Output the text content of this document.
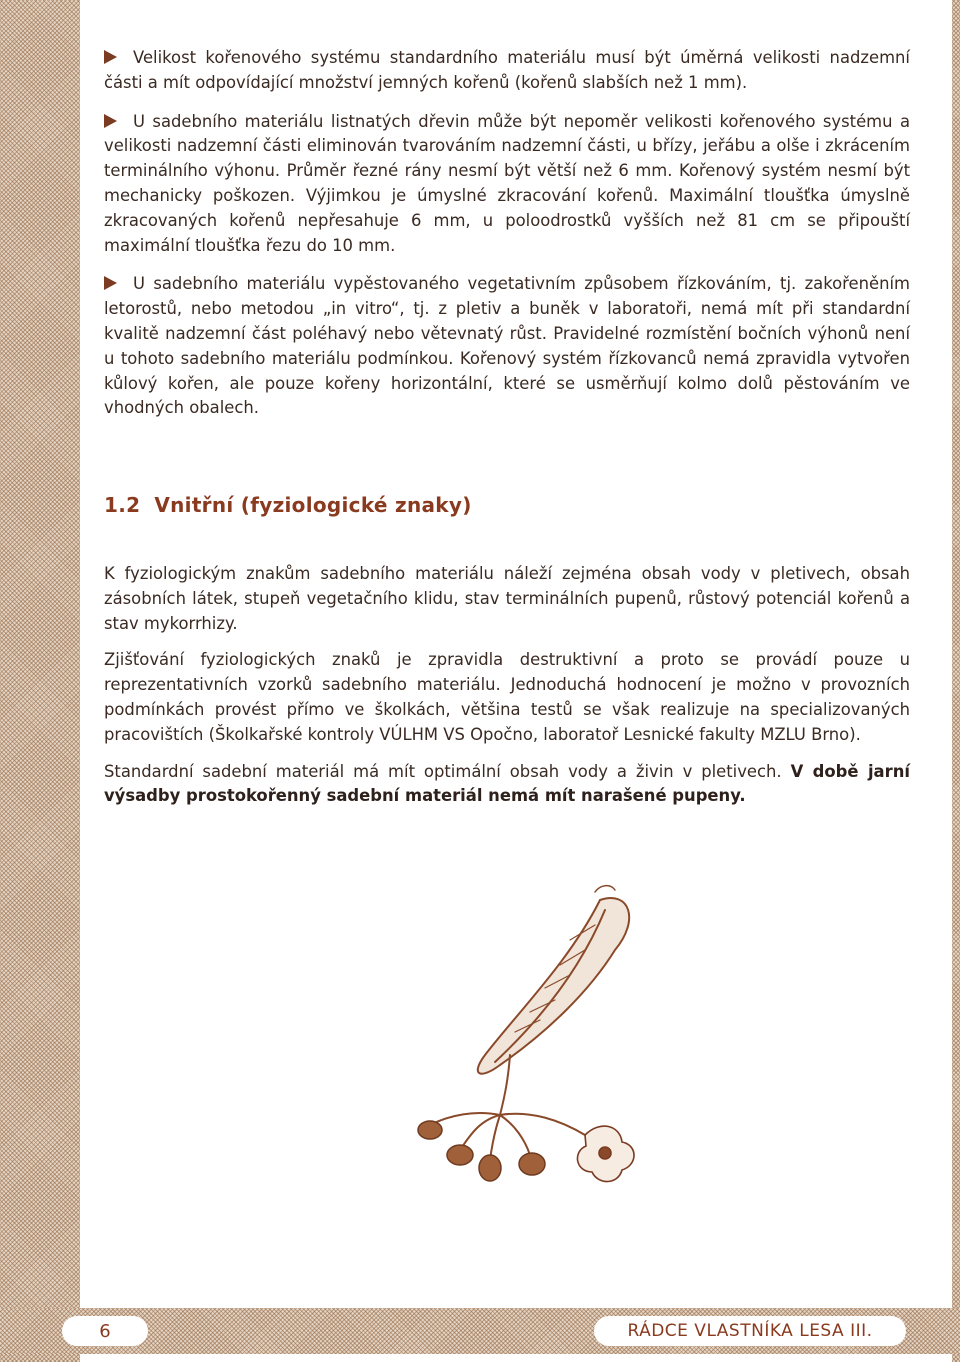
Velikost kořenového systému standardního materiálu musí být úměrná velikosti nadzemní části a mít odpovídající množství jemných kořenů (kořenů slabších než 1 mm).

U sadebního materiálu listnatých dřevin může být nepoměr velikosti kořenového systému a velikosti nadzemní části eliminován tvarováním nadzemní části, u břízy, jeřábu a olše i zkrácením terminálního výhonu. Průměr řezné rány nesmí být větší než 6 mm. Kořenový systém nesmí být mechanicky poškozen. Výjimkou je úmyslné zkracování kořenů. Maximální tloušťka úmyslně zkracovaných kořenů nepřesahuje 6 mm, u poloodrostků vyšších než 81 cm se připouští maximální tloušťka řezu do 10 mm.

U sadebního materiálu vypěstovaného vegetativním způsobem řízkováním, tj. zakořeněním letorostů, nebo metodou „in vitro“, tj. z pletiv a buněk v laboratoři, nemá mít při standardní kvalitě nadzemní část poléhavý nebo větevnatý růst. Pravidelné rozmístění bočních výhonů není u tohoto sadebního materiálu podmínkou. Kořenový systém řízkovanců nemá zpravidla vytvořen kůlový kořen, ale pouze kořeny horizontální, které se usměrňují kolmo dolů pěstováním ve vhodných obalech.

1.2 Vnitřní (fyziologické znaky)

K fyziologickým znakům sadebního materiálu náleží zejména obsah vody v pletivech, obsah zásobních látek, stupeň vegetačního klidu, stav terminálních pupenů, růstový potenciál kořenů a stav mykorrhizy.

Zjišťování fyziologických znaků je zpravidla destruktivní a proto se provádí pouze u reprezentativních vzorků sadebního materiálu. Jednoduchá hodnocení je možno v provozních podmínkách provést přímo ve školkách, většina testů se však realizuje na specializovaných pracovištích (Školkařské kontroly VÚLHM VS Opočno, laboratoř Lesnické fakulty MZLU Brno).

Standardní sadební materiál má mít optimální obsah vody a živin v pletivech. V době jarní výsadby prostokořenný sadební materiál nemá mít narašené pupeny.

6	RÁDCE VLASTNÍKA LESA III.
